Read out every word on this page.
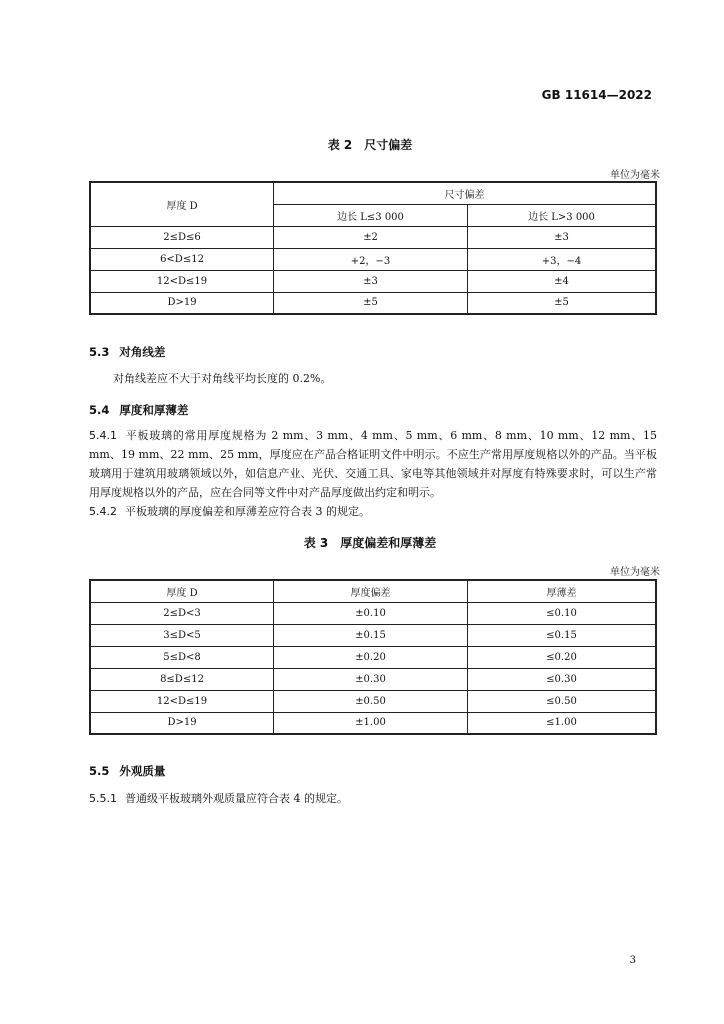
GB 11614—2022
表 2　尺寸偏差
单位为毫米
厚度 D	尺寸偏差	
	边长 L≤3 000	边长 L>3 000
2≤D≤6	±2	±3
6<D≤12	+2，−3	+3，−4
12<D≤19	±3	±4
D>19	±5	±5
5.3 对角线差
对角线差应不大于对角线平均长度的 0.2%。
5.4 厚度和厚薄差
5.4.1 平板玻璃的常用厚度规格为 2 mm、3 mm、4 mm、5 mm、6 mm、8 mm、10 mm、12 mm、15 mm、19 mm、22 mm、25 mm，厚度应在产品合格证明文件中明示。不应生产常用厚度规格以外的产品。当平板玻璃用于建筑用玻璃领域以外，如信息产业、光伏、交通工具、家电等其他领域并对厚度有特殊要求时，可以生产常用厚度规格以外的产品，应在合同等文件中对产品厚度做出约定和明示。
5.4.2 平板玻璃的厚度偏差和厚薄差应符合表 3 的规定。
表 3　厚度偏差和厚薄差
单位为毫米
厚度 D	厚度偏差	厚薄差
2≤D<3	±0.10	≤0.10
3≤D<5	±0.15	≤0.15
5≤D<8	±0.20	≤0.20
8≤D≤12	±0.30	≤0.30
12<D≤19	±0.50	≤0.50
D>19	±1.00	≤1.00
5.5 外观质量
5.5.1 普通级平板玻璃外观质量应符合表 4 的规定。
3
